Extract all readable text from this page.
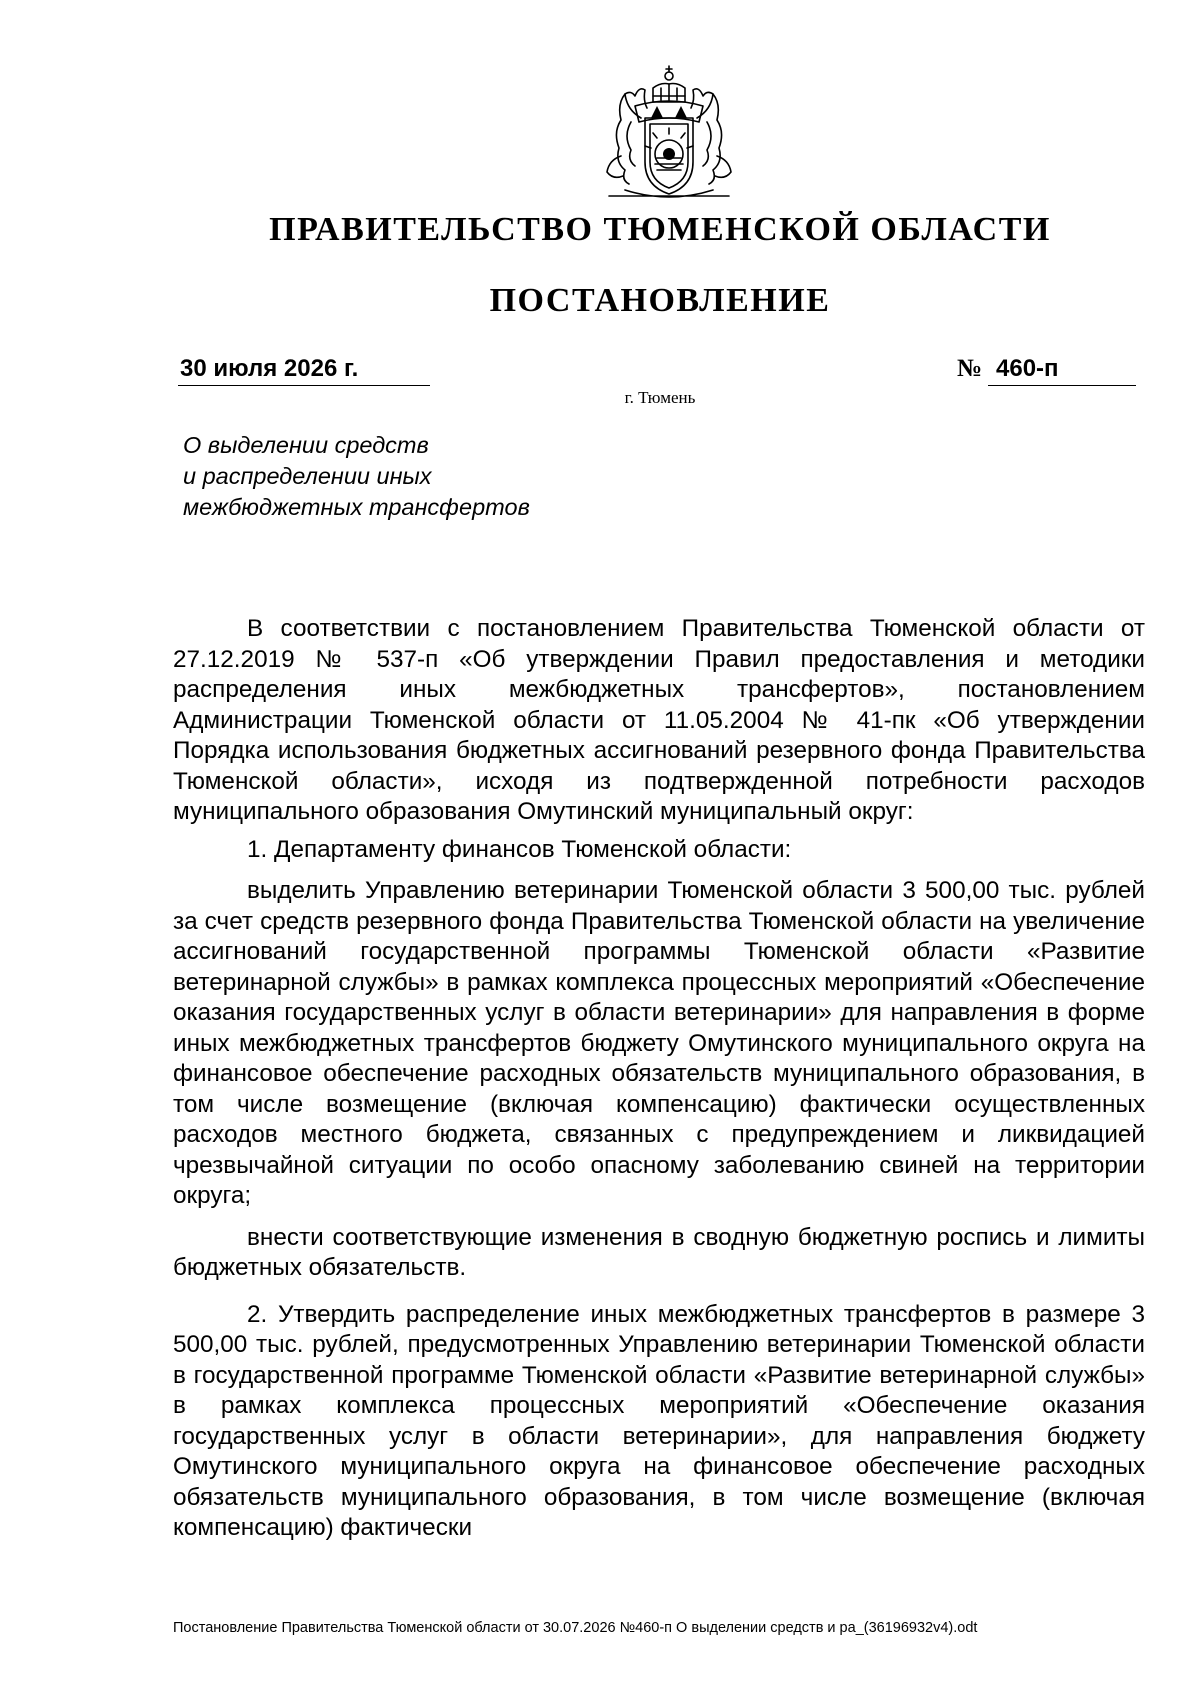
ПРАВИТЕЛЬСТВО ТЮМЕНСКОЙ ОБЛАСТИ
ПОСТАНОВЛЕНИЕ
30 июля 2026 г.	№ 460-п
г. Тюмень
О выделении средств
и распределении иных
межбюджетных трансфертов

В соответствии с постановлением Правительства Тюменской области от 27.12.2019 № 537-п «Об утверждении Правил предоставления и методики распределения иных межбюджетных трансфертов», постановлением Администрации Тюменской области от 11.05.2004 № 41-пк «Об утверждении Порядка использования бюджетных ассигнований резервного фонда Правительства Тюменской области», исходя из подтвержденной потребности расходов муниципального образования Омутинский муниципальный округ:

1. Департаменту финансов Тюменской области:

выделить Управлению ветеринарии Тюменской области 3 500,00 тыс. рублей за счет средств резервного фонда Правительства Тюменской области на увеличение ассигнований государственной программы Тюменской области «Развитие ветеринарной службы» в рамках комплекса процессных мероприятий «Обеспечение оказания государственных услуг в области ветеринарии» для направления в форме иных межбюджетных трансфертов бюджету Омутинского муниципального округа на финансовое обеспечение расходных обязательств муниципального образования, в том числе возмещение (включая компенсацию) фактически осуществленных расходов местного бюджета, связанных с предупреждением и ликвидацией чрезвычайной ситуации по особо опасному заболеванию свиней на территории округа;

внести соответствующие изменения в сводную бюджетную роспись и лимиты бюджетных обязательств.

2. Утвердить распределение иных межбюджетных трансфертов в размере 3 500,00 тыс. рублей, предусмотренных Управлению ветеринарии Тюменской области в государственной программе Тюменской области «Развитие ветеринарной службы» в рамках комплекса процессных мероприятий «Обеспечение оказания государственных услуг в области ветеринарии», для направления бюджету Омутинского муниципального округа на финансовое обеспечение расходных обязательств муниципального образования, в том числе возмещение (включая компенсацию) фактически

Постановление Правительства Тюменской области от 30.07.2026 №460-п О выделении средств и ра_(36196932v4).odt
